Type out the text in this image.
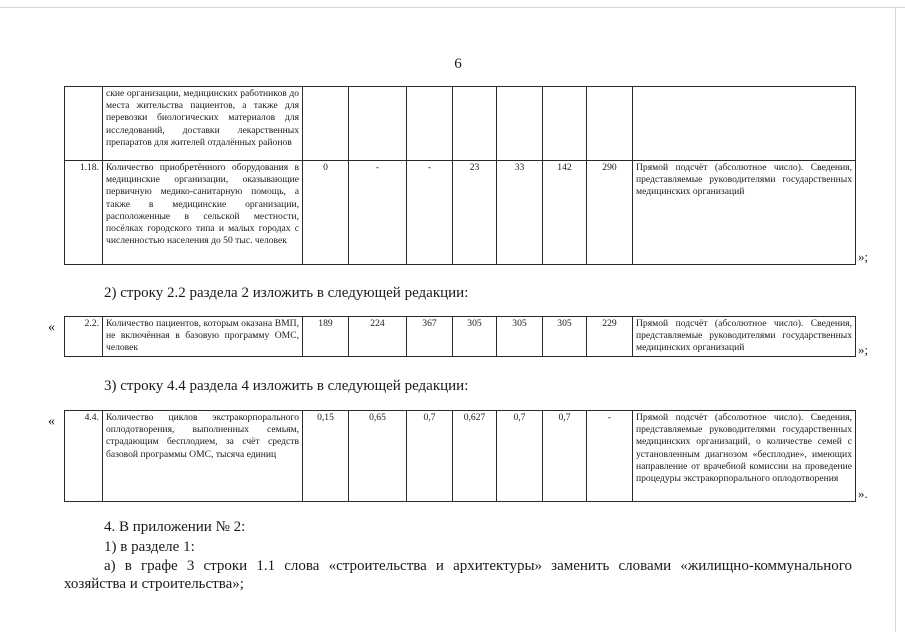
6
	ские организации, медицинских работников до места жительства пациентов, а также для перевозки биологических материалов для исследований, доставки лекарственных препаратов для жителей отдалённых районов								
1.18.	Количество приобретённого оборудования в медицинские организации, оказывающие первичную медико-санитарную помощь, а также в медицинские организации, расположенные в сельской местности, посёлках городского типа и малых городах с численностью населения до 50 тыс. человек	0	-	-	23	33	142	290	Прямой подсчёт (абсолютное число). Сведения, представляемые руководителями государственных медицинских организаций
»;
2) строку 2.2 раздела 2 изложить в следующей редакции:
«	2.2.	Количество пациентов, которым оказана ВМП, не включённая в базовую программу ОМС, человек	189	224	367	305	305	305	229	Прямой подсчёт (абсолютное число). Сведения, представляемые руководителями государственных медицинских организаций	»;
3) строку 4.4 раздела 4 изложить в следующей редакции:
«	4.4.	Количество циклов экстракорпорального оплодотворения, выполненных семьям, страдающим бесплодием, за счёт средств базовой программы ОМС, тысяча единиц	0,15	0,65	0,7	0,627	0,7	0,7	-	Прямой подсчёт (абсолютное число). Сведения, представляемые руководителями государственных медицинских организаций, о количестве семей с установленным диагнозом «бесплодие», имеющих направление от врачебной комиссии на проведение процедуры экстракорпорального оплодотворения
».
4. В приложении № 2:
1) в разделе 1:
а) в графе 3 строки 1.1 слова «строительства и архитектуры» заменить словами «жилищно-коммунального
хозяйства и строительства»;
